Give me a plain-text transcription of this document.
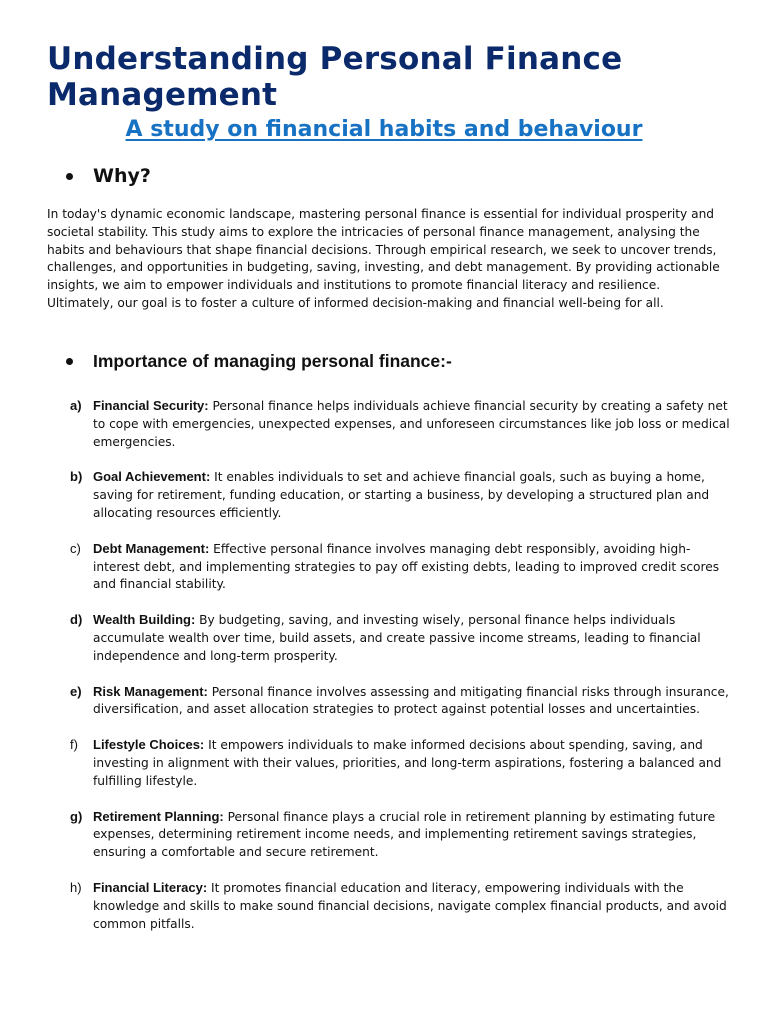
Understanding Personal Finance Management
A study on financial habits and behaviour
Why?

In today's dynamic economic landscape, mastering personal finance is essential for individual prosperity and societal stability. This study aims to explore the intricacies of personal finance management, analysing the habits and behaviours that shape financial decisions. Through empirical research, we seek to uncover trends, challenges, and opportunities in budgeting, saving, investing, and debt management. By providing actionable insights, we aim to empower individuals and institutions to promote financial literacy and resilience. Ultimately, our goal is to foster a culture of informed decision-making and financial well-being for all.

Importance of managing personal finance:-
a) Financial Security: Personal finance helps individuals achieve financial security by creating a safety net to cope with emergencies, unexpected expenses, and unforeseen circumstances like job loss or medical emergencies.
b) Goal Achievement: It enables individuals to set and achieve financial goals, such as buying a home, saving for retirement, funding education, or starting a business, by developing a structured plan and allocating resources efficiently.
c) Debt Management: Effective personal finance involves managing debt responsibly, avoiding high-interest debt, and implementing strategies to pay off existing debts, leading to improved credit scores and financial stability.
d) Wealth Building: By budgeting, saving, and investing wisely, personal finance helps individuals accumulate wealth over time, build assets, and create passive income streams, leading to financial independence and long-term prosperity.
e) Risk Management: Personal finance involves assessing and mitigating financial risks through insurance, diversification, and asset allocation strategies to protect against potential losses and uncertainties.
f) Lifestyle Choices: It empowers individuals to make informed decisions about spending, saving, and investing in alignment with their values, priorities, and long-term aspirations, fostering a balanced and fulfilling lifestyle.
g) Retirement Planning: Personal finance plays a crucial role in retirement planning by estimating future expenses, determining retirement income needs, and implementing retirement savings strategies, ensuring a comfortable and secure retirement.
h) Financial Literacy: It promotes financial education and literacy, empowering individuals with the knowledge and skills to make sound financial decisions, navigate complex financial products, and avoid common pitfalls.
